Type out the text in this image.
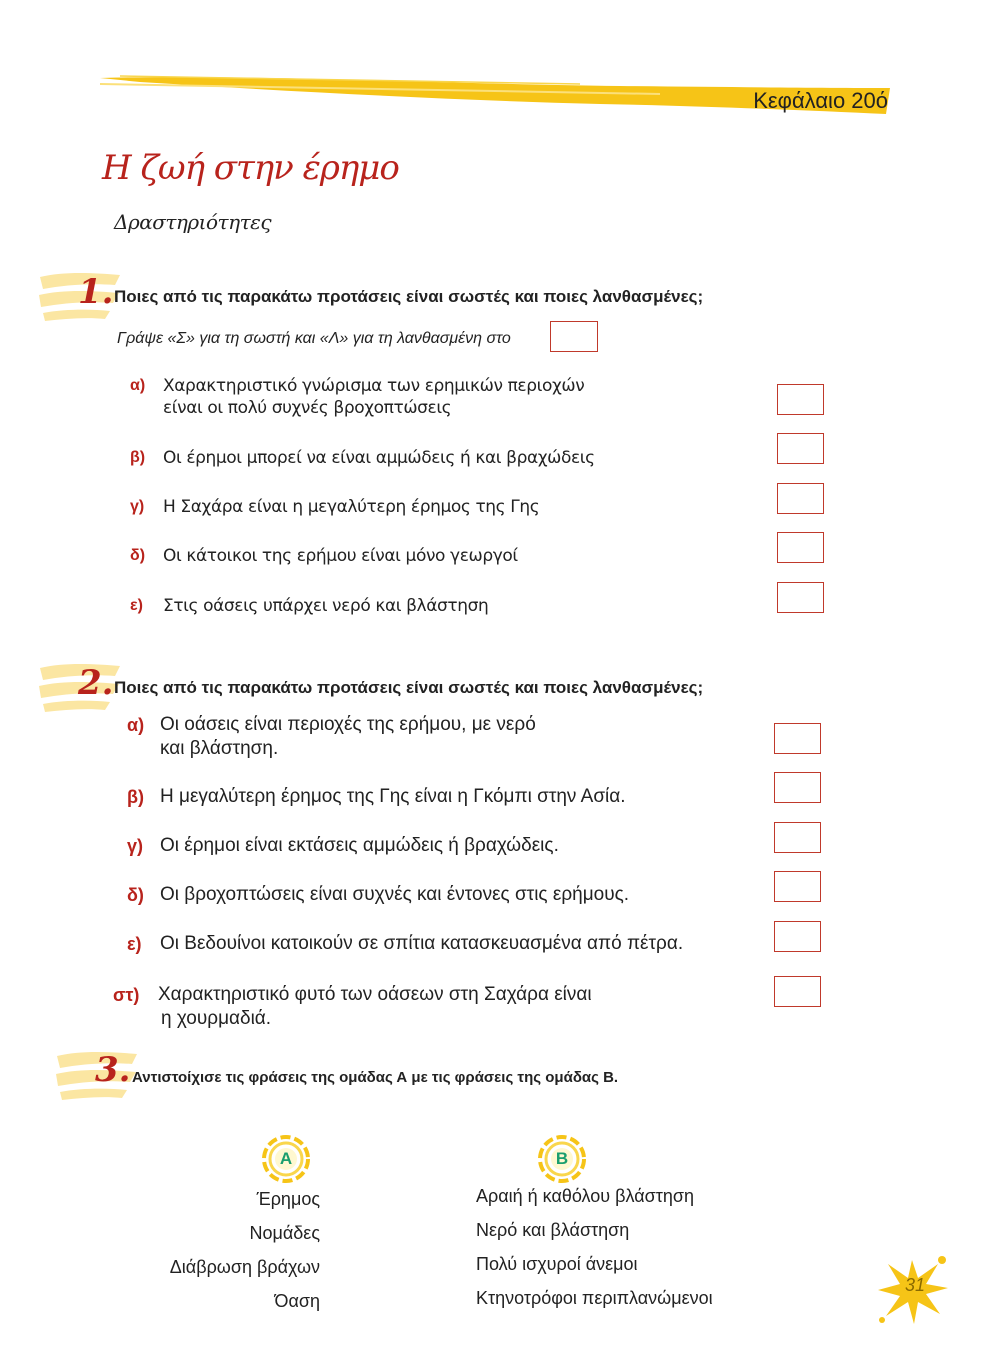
Κεφάλαιο 20ό
Η ζωή στην έρημο
Δραστηριότητες
1. Ποιες από τις παρακάτω προτάσεις είναι σωστές και ποιες λανθασμένες;
Γράψε «Σ» για τη σωστή και «Λ» για τη λανθασμένη στο
α) Χαρακτηριστικό γνώρισμα των ερημικών περιοχών
είναι οι πολύ συχνές βροχοπτώσεις
β) Οι έρημοι μπορεί να είναι αμμώδεις ή και βραχώδεις
γ) Η Σαχάρα είναι η μεγαλύτερη έρημος της Γης
δ) Οι κάτοικοι της ερήμου είναι μόνο γεωργοί
ε) Στις οάσεις υπάρχει νερό και βλάστηση
2. Ποιες από τις παρακάτω προτάσεις είναι σωστές και ποιες λανθασμένες;
α) Οι οάσεις είναι περιοχές της ερήμου, με νερό
και βλάστηση.
β) Η μεγαλύτερη έρημος της Γης είναι η Γκόμπι στην Ασία.
γ) Οι έρημοι είναι εκτάσεις αμμώδεις ή βραχώδεις.
δ) Οι βροχοπτώσεις είναι συχνές και έντονες στις ερήμους.
ε) Οι Βεδουίνοι κατοικούν σε σπίτια κατασκευασμένα από πέτρα.
στ) Χαρακτηριστικό φυτό των οάσεων στη Σαχάρα είναι
η χουρμαδιά.
3. Αντιστοίχισε τις φράσεις της ομάδας Α με τις φράσεις της ομάδας Β.
Α	Β
Έρημος
Νομάδες
Διάβρωση βράχων
Όαση
Αραιή ή καθόλου βλάστηση
Νερό και βλάστηση
Πολύ ισχυροί άνεμοι
Κτηνοτρόφοι περιπλανώμενοι
31
